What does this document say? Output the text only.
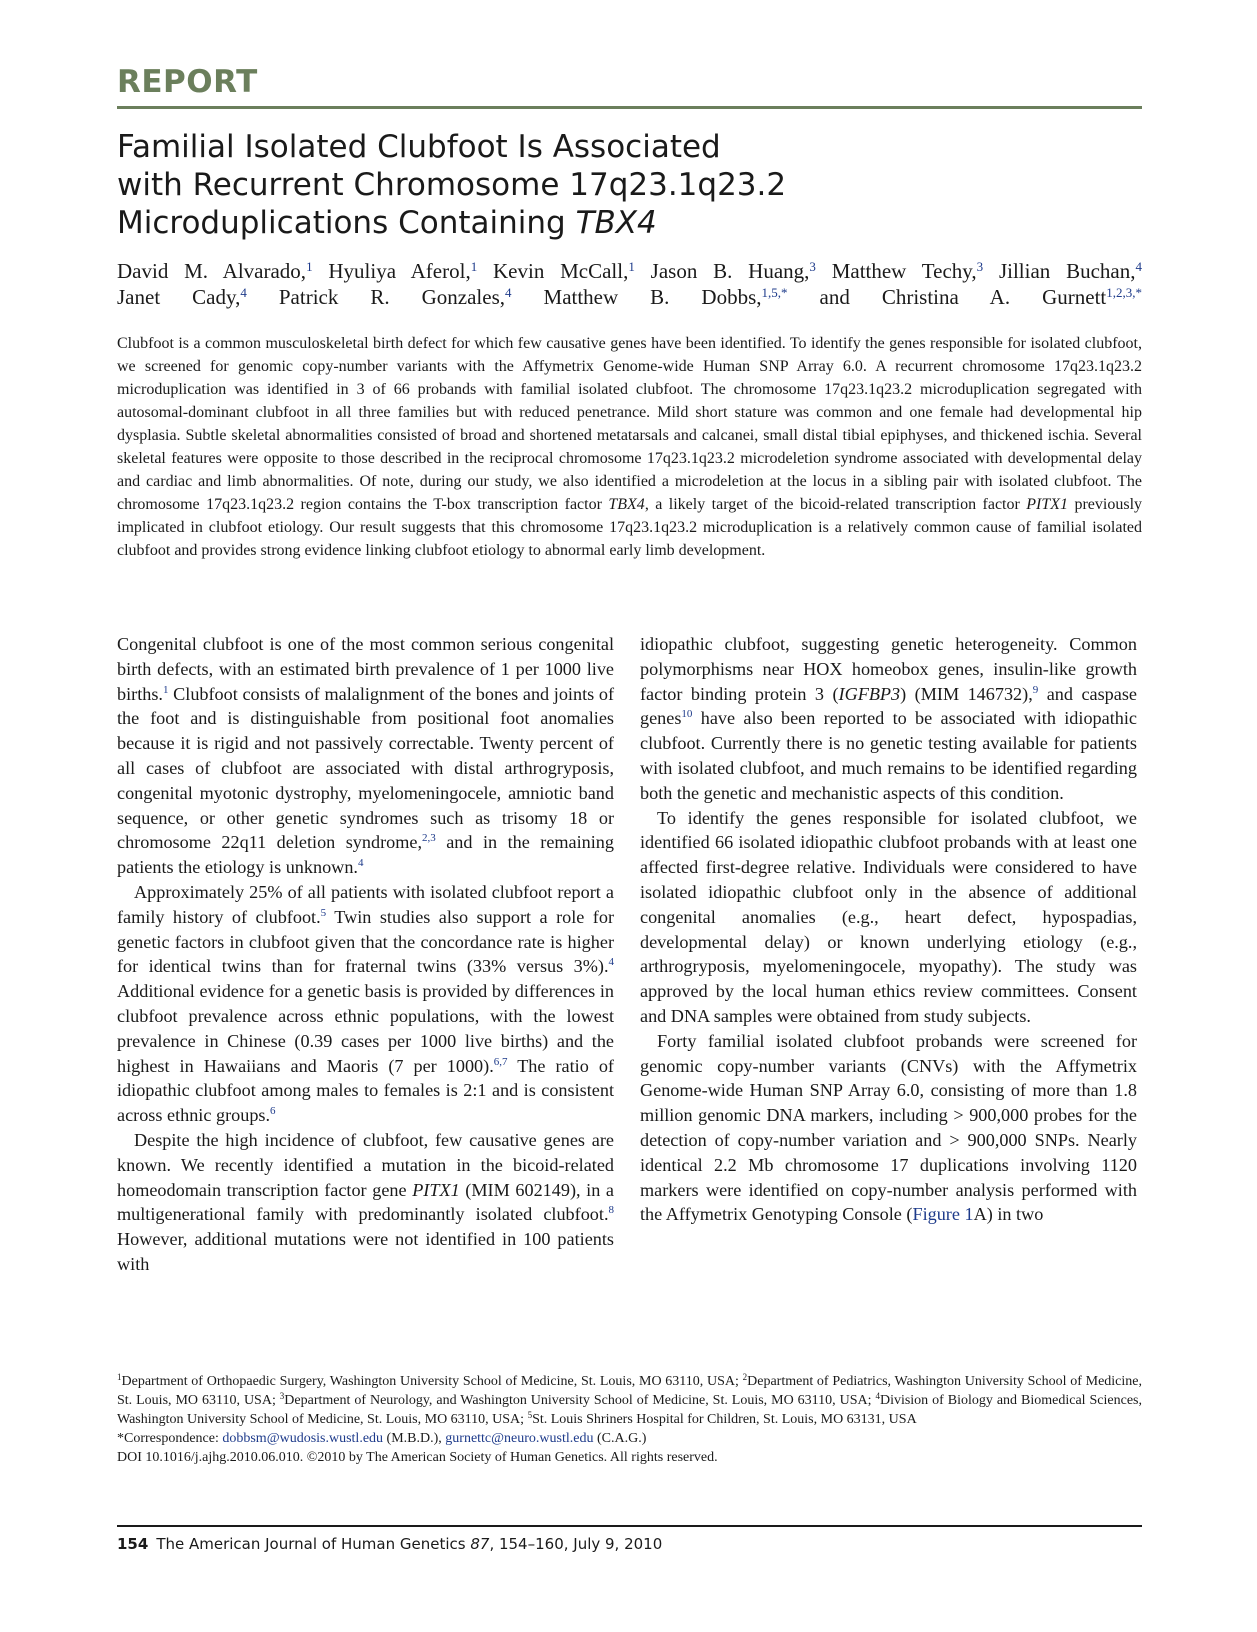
REPORT
Familial Isolated Clubfoot Is Associated
with Recurrent Chromosome 17q23.1q23.2
Microduplications Containing TBX4
David M. Alvarado,$^1$ Hyuliya Aferol,$^1$ Kevin McCall,$^1$ Jason B. Huang,$^3$ Matthew Techy,$^3$ Jillian Buchan,$^4$
Janet Cady,$^4$ Patrick R. Gonzales,$^4$ Matthew B. Dobbs,$^{1,5,*}$ and Christina A. Gurnett$^{1,2,3,*}$

Clubfoot is a common musculoskeletal birth defect for which few causative genes have been identified. To identify the genes responsible for isolated clubfoot, we screened for genomic copy-number variants with the Affymetrix Genome-wide Human SNP Array 6.0. A recurrent chromosome 17q23.1q23.2 microduplication was identified in 3 of 66 probands with familial isolated clubfoot. The chromosome 17q23.1q23.2 microduplication segregated with autosomal-dominant clubfoot in all three families but with reduced penetrance. Mild short stature was common and one female had developmental hip dysplasia. Subtle skeletal abnormalities consisted of broad and shortened metatarsals and calcanei, small distal tibial epiphyses, and thickened ischia. Several skeletal features were opposite to those described in the reciprocal chromosome 17q23.1q23.2 microdeletion syndrome associated with developmental delay and cardiac and limb abnormalities. Of note, during our study, we also identified a microdeletion at the locus in a sibling pair with isolated clubfoot. The chromosome 17q23.1q23.2 region contains the T-box transcription factor TBX4, a likely target of the bicoid-related transcription factor PITX1 previously implicated in clubfoot etiology. Our result suggests that this chromosome 17q23.1q23.2 microduplication is a relatively common cause of familial isolated clubfoot and provides strong evidence linking clubfoot etiology to abnormal early limb development.

Congenital clubfoot is one of the most common serious congenital birth defects, with an estimated birth prevalence of 1 per 1000 live births.$^1$ Clubfoot consists of malalignment of the bones and joints of the foot and is distinguishable from positional foot anomalies because it is rigid and not passively correctable. Twenty percent of all cases of clubfoot are associated with distal arthrogryposis, congenital myotonic dystrophy, myelomeningocele, amniotic band sequence, or other genetic syndromes such as trisomy 18 or chromosome 22q11 deletion syndrome,$^{2,3}$ and in the remaining patients the etiology is unknown.$^4$

Approximately 25% of all patients with isolated clubfoot report a family history of clubfoot.$^5$ Twin studies also support a role for genetic factors in clubfoot given that the concordance rate is higher for identical twins than for fraternal twins (33% versus 3%).$^4$ Additional evidence for a genetic basis is provided by differences in clubfoot prevalence across ethnic populations, with the lowest prevalence in Chinese (0.39 cases per 1000 live births) and the highest in Hawaiians and Maoris (7 per 1000).$^{6,7}$ The ratio of idiopathic clubfoot among males to females is 2:1 and is consistent across ethnic groups.$^6$

Despite the high incidence of clubfoot, few causative genes are known. We recently identified a mutation in the bicoid-related homeodomain transcription factor gene PITX1 (MIM 602149), in a multigenerational family with predominantly isolated clubfoot.$^8$ However, additional mutations were not identified in 100 patients with

idiopathic clubfoot, suggesting genetic heterogeneity. Common polymorphisms near HOX homeobox genes, insulin-like growth factor binding protein 3 (IGFBP3) (MIM 146732),$^9$ and caspase genes$^{10}$ have also been reported to be associated with idiopathic clubfoot. Currently there is no genetic testing available for patients with isolated clubfoot, and much remains to be identified regarding both the genetic and mechanistic aspects of this condition.

To identify the genes responsible for isolated clubfoot, we identified 66 isolated idiopathic clubfoot probands with at least one affected first-degree relative. Individuals were considered to have isolated idiopathic clubfoot only in the absence of additional congenital anomalies (e.g., heart defect, hypospadias, developmental delay) or known underlying etiology (e.g., arthrogryposis, myelomeningocele, myopathy). The study was approved by the local human ethics review committees. Consent and DNA samples were obtained from study subjects.

Forty familial isolated clubfoot probands were screened for genomic copy-number variants (CNVs) with the Affymetrix Genome-wide Human SNP Array 6.0, consisting of more than 1.8 million genomic DNA markers, including > 900,000 probes for the detection of copy-number variation and > 900,000 SNPs. Nearly identical 2.2 Mb chromosome 17 duplications involving 1120 markers were identified on copy-number analysis performed with the Affymetrix Genotyping Console (Figure 1A) in two

$^1$Department of Orthopaedic Surgery, Washington University School of Medicine, St. Louis, MO 63110, USA; $^2$Department of Pediatrics, Washington University School of Medicine, St. Louis, MO 63110, USA; $^3$Department of Neurology, and Washington University School of Medicine, St. Louis, MO 63110, USA; $^4$Division of Biology and Biomedical Sciences, Washington University School of Medicine, St. Louis, MO 63110, USA; $^5$St. Louis Shriners Hospital for Children, St. Louis, MO 63131, USA

*Correspondence: dobbsm@wudosis.wustl.edu (M.B.D.), gurnettc@neuro.wustl.edu (C.A.G.)

DOI 10.1016/j.ajhg.2010.06.010. ©2010 by The American Society of Human Genetics. All rights reserved.

154 The American Journal of Human Genetics 87, 154–160, July 9, 2010
